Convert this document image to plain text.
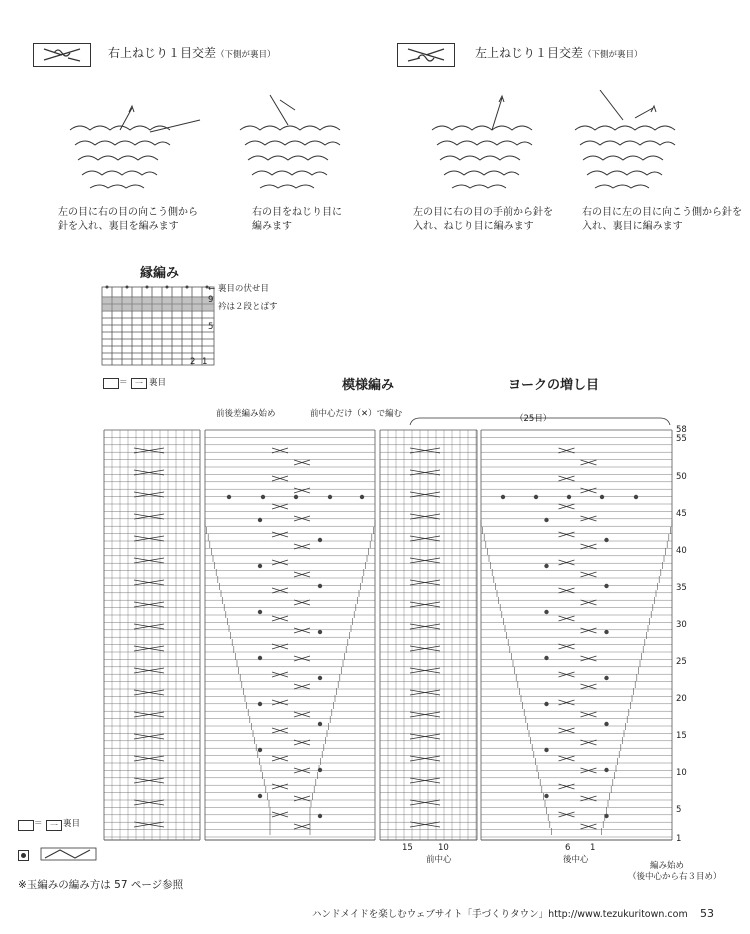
右上ねじり１目交差（下側が裏目）	左上ねじり１目交差（下側が裏目）
左の目に右の目の向こう側から
針を入れ、裏目を編みます
右の目をねじり目に
編みます
左の目に右の目の手前から針を
入れ、ねじり目に編みます
右の目に左の目に向こう側から針を
入れ、裏目に編みます
縁編み
← 裏目の伏せ目
衿は２段とばす
9
5
2 1
＝ 一 裏目	模様編み	ヨークの増し目
前後差編み始め	前中心だけ（✕）で編む	（25目）
58
55
50
45
40
35
30
25
20
15
10
5
1
15	10	6 1
前中心	後中心
編み始め
（後中心から右３目め）
＝ 一 裏目
※玉編みの編み方は 57 ページ参照
ハンドメイドを楽しむウェブサイト「手づくりタウン」http://www.tezukuritown.com 53
